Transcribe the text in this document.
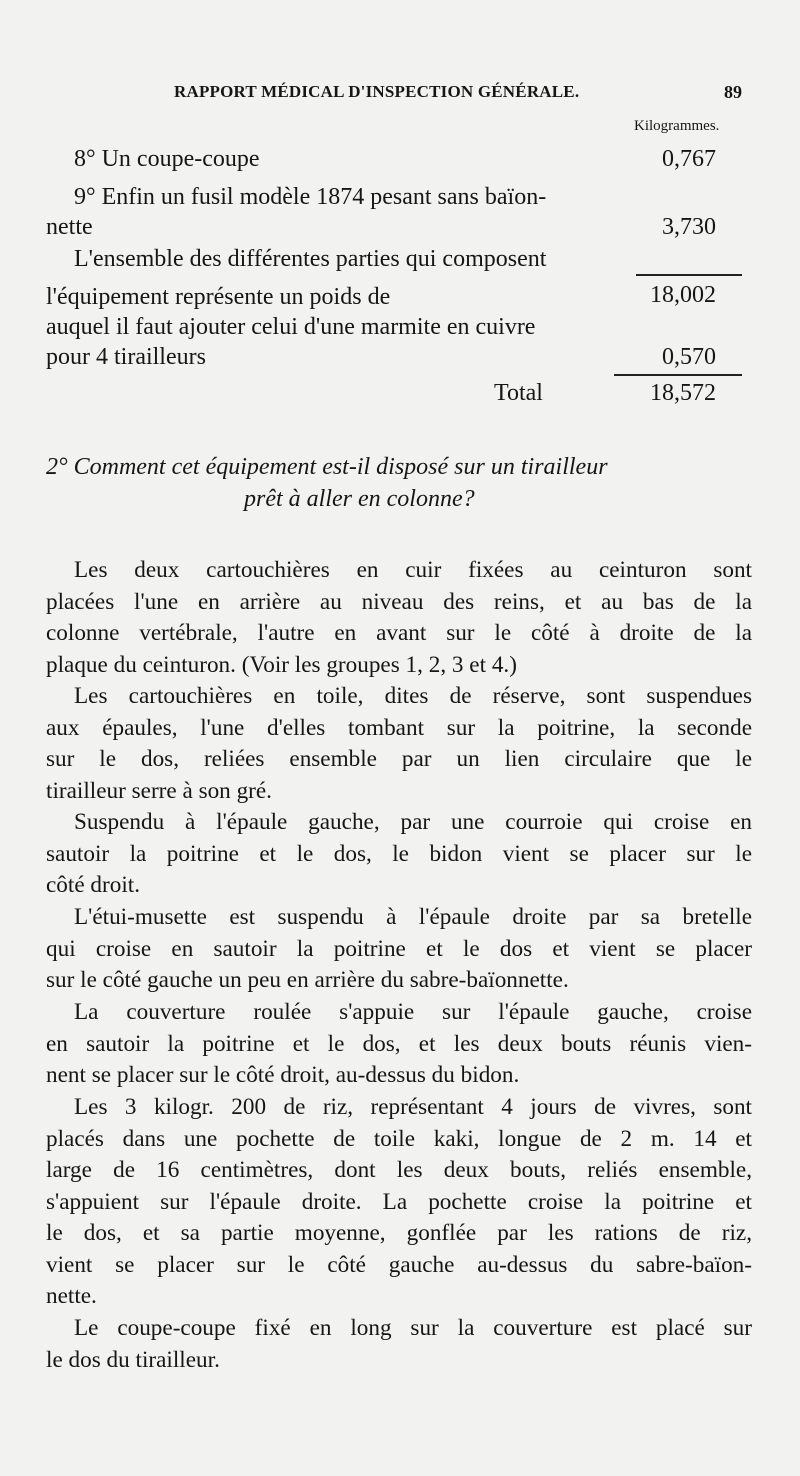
RAPPORT MÉDICAL D'INSPECTION GÉNÉRALE.	89
Kilogrammes.
8° Un coupe-coupe	0,767
9° Enfin un fusil modèle 1874 pesant sans baïon-
nette	3,730
L'ensemble des différentes parties qui composent
l'équipement représente un poids de	18,002
auquel il faut ajouter celui d'une marmite en cuivre
pour 4 tirailleurs	0,570
Total	18,572
2° Comment cet équipement est-il disposé sur un tirailleur
prêt à aller en colonne?
Les deux cartouchières en cuir fixées au ceinturon sont
placées l'une en arrière au niveau des reins, et au bas de la
colonne vertébrale, l'autre en avant sur le côté à droite de la
plaque du ceinturon. (Voir les groupes 1, 2, 3 et 4.)
Les cartouchières en toile, dites de réserve, sont suspendues
aux épaules, l'une d'elles tombant sur la poitrine, la seconde
sur le dos, reliées ensemble par un lien circulaire que le
tirailleur serre à son gré.
Suspendu à l'épaule gauche, par une courroie qui croise en
sautoir la poitrine et le dos, le bidon vient se placer sur le
côté droit.
L'étui-musette est suspendu à l'épaule droite par sa bretelle
qui croise en sautoir la poitrine et le dos et vient se placer
sur le côté gauche un peu en arrière du sabre-baïonnette.
La couverture roulée s'appuie sur l'épaule gauche, croise
en sautoir la poitrine et le dos, et les deux bouts réunis vien-
nent se placer sur le côté droit, au-dessus du bidon.
Les 3 kilogr. 200 de riz, représentant 4 jours de vivres, sont
placés dans une pochette de toile kaki, longue de 2 m. 14 et
large de 16 centimètres, dont les deux bouts, reliés ensemble,
s'appuient sur l'épaule droite. La pochette croise la poitrine et
le dos, et sa partie moyenne, gonflée par les rations de riz,
vient se placer sur le côté gauche au-dessus du sabre-baïon-
nette.
Le coupe-coupe fixé en long sur la couverture est placé sur
le dos du tirailleur.
